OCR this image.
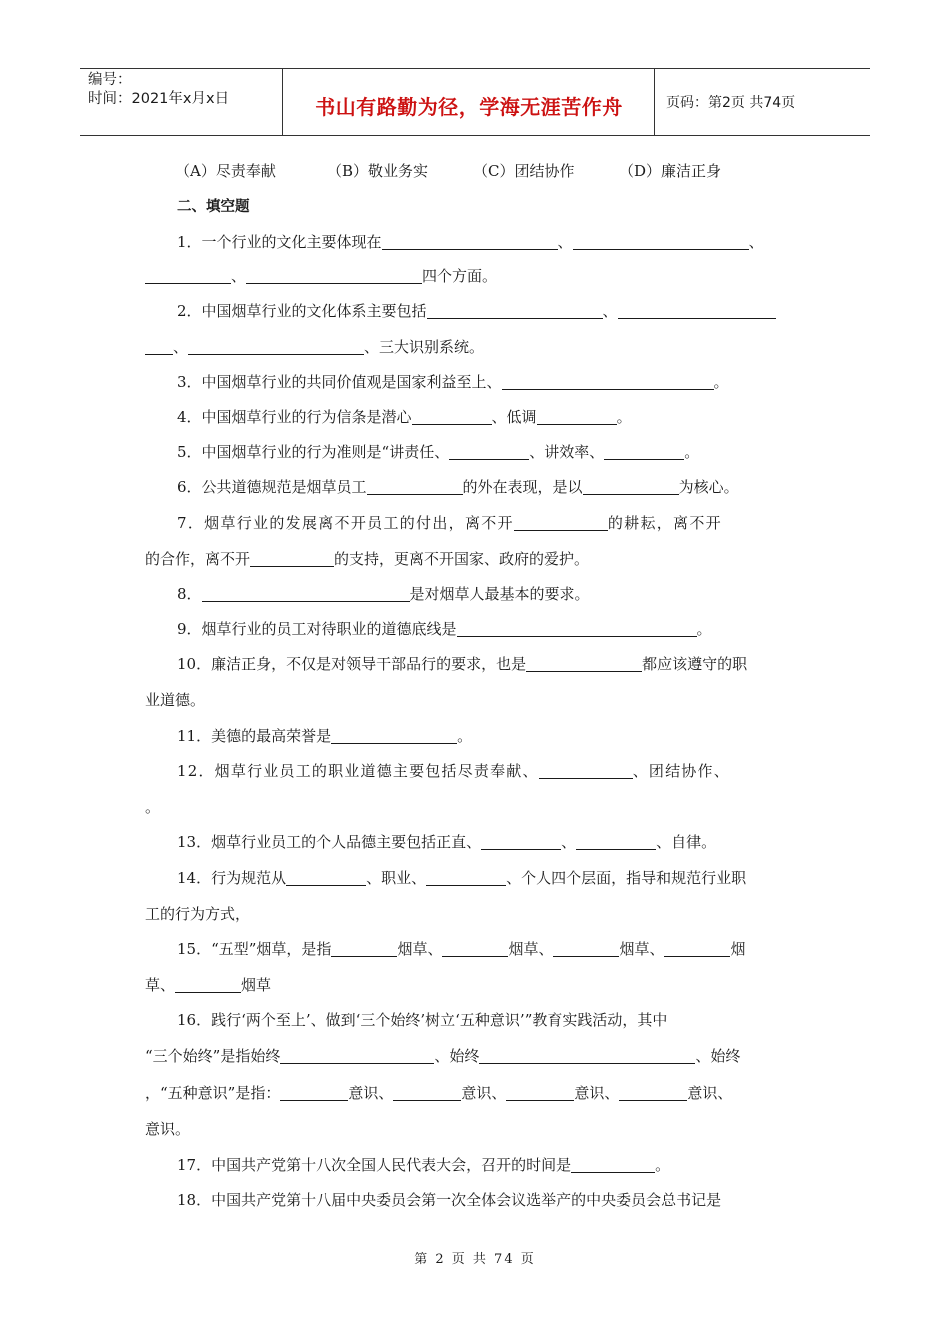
编号：
时间：2021年x月x日	书山有路勤为径，学海无涯苦作舟	页码：第2页 共74页
（A）尽责奉献	（B）敬业务实	（C）团结协作	（D）廉洁正身
二、填空题
1．一个行业的文化主要体现在	、	、
、	四个方面。
2．中国烟草行业的文化体系主要包括	、
、	、三大识别系统。
3．中国烟草行业的共同价值观是国家利益至上、	。
4．中国烟草行业的行为信条是潜心	、低调	。
5．中国烟草行业的行为准则是“讲责任、	、讲效率、	。
6．公共道德规范是烟草员工	的外在表现，是以	为核心。
7．烟草行业的发展离不开员工的付出，离不开	的耕耘，离不开
的合作，离不开	的支持，更离不开国家、政府的爱护。
8．	是对烟草人最基本的要求。
9．烟草行业的员工对待职业的道德底线是	。
10．廉洁正身，不仅是对领导干部品行的要求，也是	都应该遵守的职
业道德。
11．美德的最高荣誉是	。
12．烟草行业员工的职业道德主要包括尽责奉献、	、团结协作、
。
13．烟草行业员工的个人品德主要包括正直、	、	、自律。
14．行为规范从	、职业、	、个人四个层面，指导和规范行业职
工的行为方式，
15．“五型”烟草，是指	烟草、	烟草、	烟草、	烟
草、	烟草
16．践行‘两个至上’、做到‘三个始终’树立‘五种意识’”教育实践活动，其中
“三个始终”是指始终	、始终	、始终
，“五种意识”是指：	意识、	意识、	意识、	意识、
意识。
17．中国共产党第十八次全国人民代表大会，召开的时间是	。
18．中国共产党第十八届中央委员会第一次全体会议选举产的中央委员会总书记是
第 2 页 共 74 页
